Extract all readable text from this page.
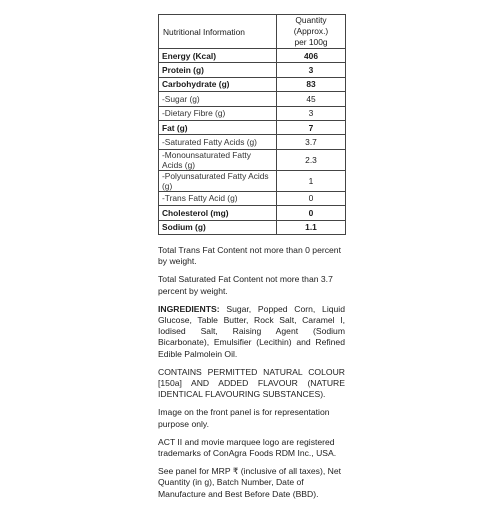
Nutritional Information	Quantity (Approx.)
per 100g
Energy (Kcal)	406
Protein (g)	3
Carbohydrate (g)	83
-Sugar (g)	45
-Dietary Fibre (g)	3
Fat (g)	7
-Saturated Fatty Acids (g)	3.7
-Monounsaturated Fatty Acids (g)	2.3
-Polyunsaturated Fatty Acids (g)	1
-Trans Fatty Acid (g)	0
Cholesterol (mg)	0
Sodium (g)	1.1

Total Trans Fat Content not more than 0 percent by weight.

Total Saturated Fat Content not more than 3.7 percent by weight.

INGREDIENTS: Sugar, Popped Corn, Liquid Glucose, Table Butter, Rock Salt, Caramel I, Iodised Salt, Raising Agent (Sodium Bicarbonate), Emulsifier (Lecithin) and Refined Edible Palmolein Oil.

CONTAINS PERMITTED NATURAL COLOUR [150a] AND ADDED FLAVOUR (NATURE IDENTICAL FLAVOURING SUBSTANCES).

Image on the front panel is for representation purpose only.

ACT II and movie marquee logo are registered trademarks of ConAgra Foods RDM Inc., USA.

See panel for MRP ₹ (inclusive of all taxes), Net Quantity (in g), Batch Number, Date of Manufacture and Best Before Date (BBD).
